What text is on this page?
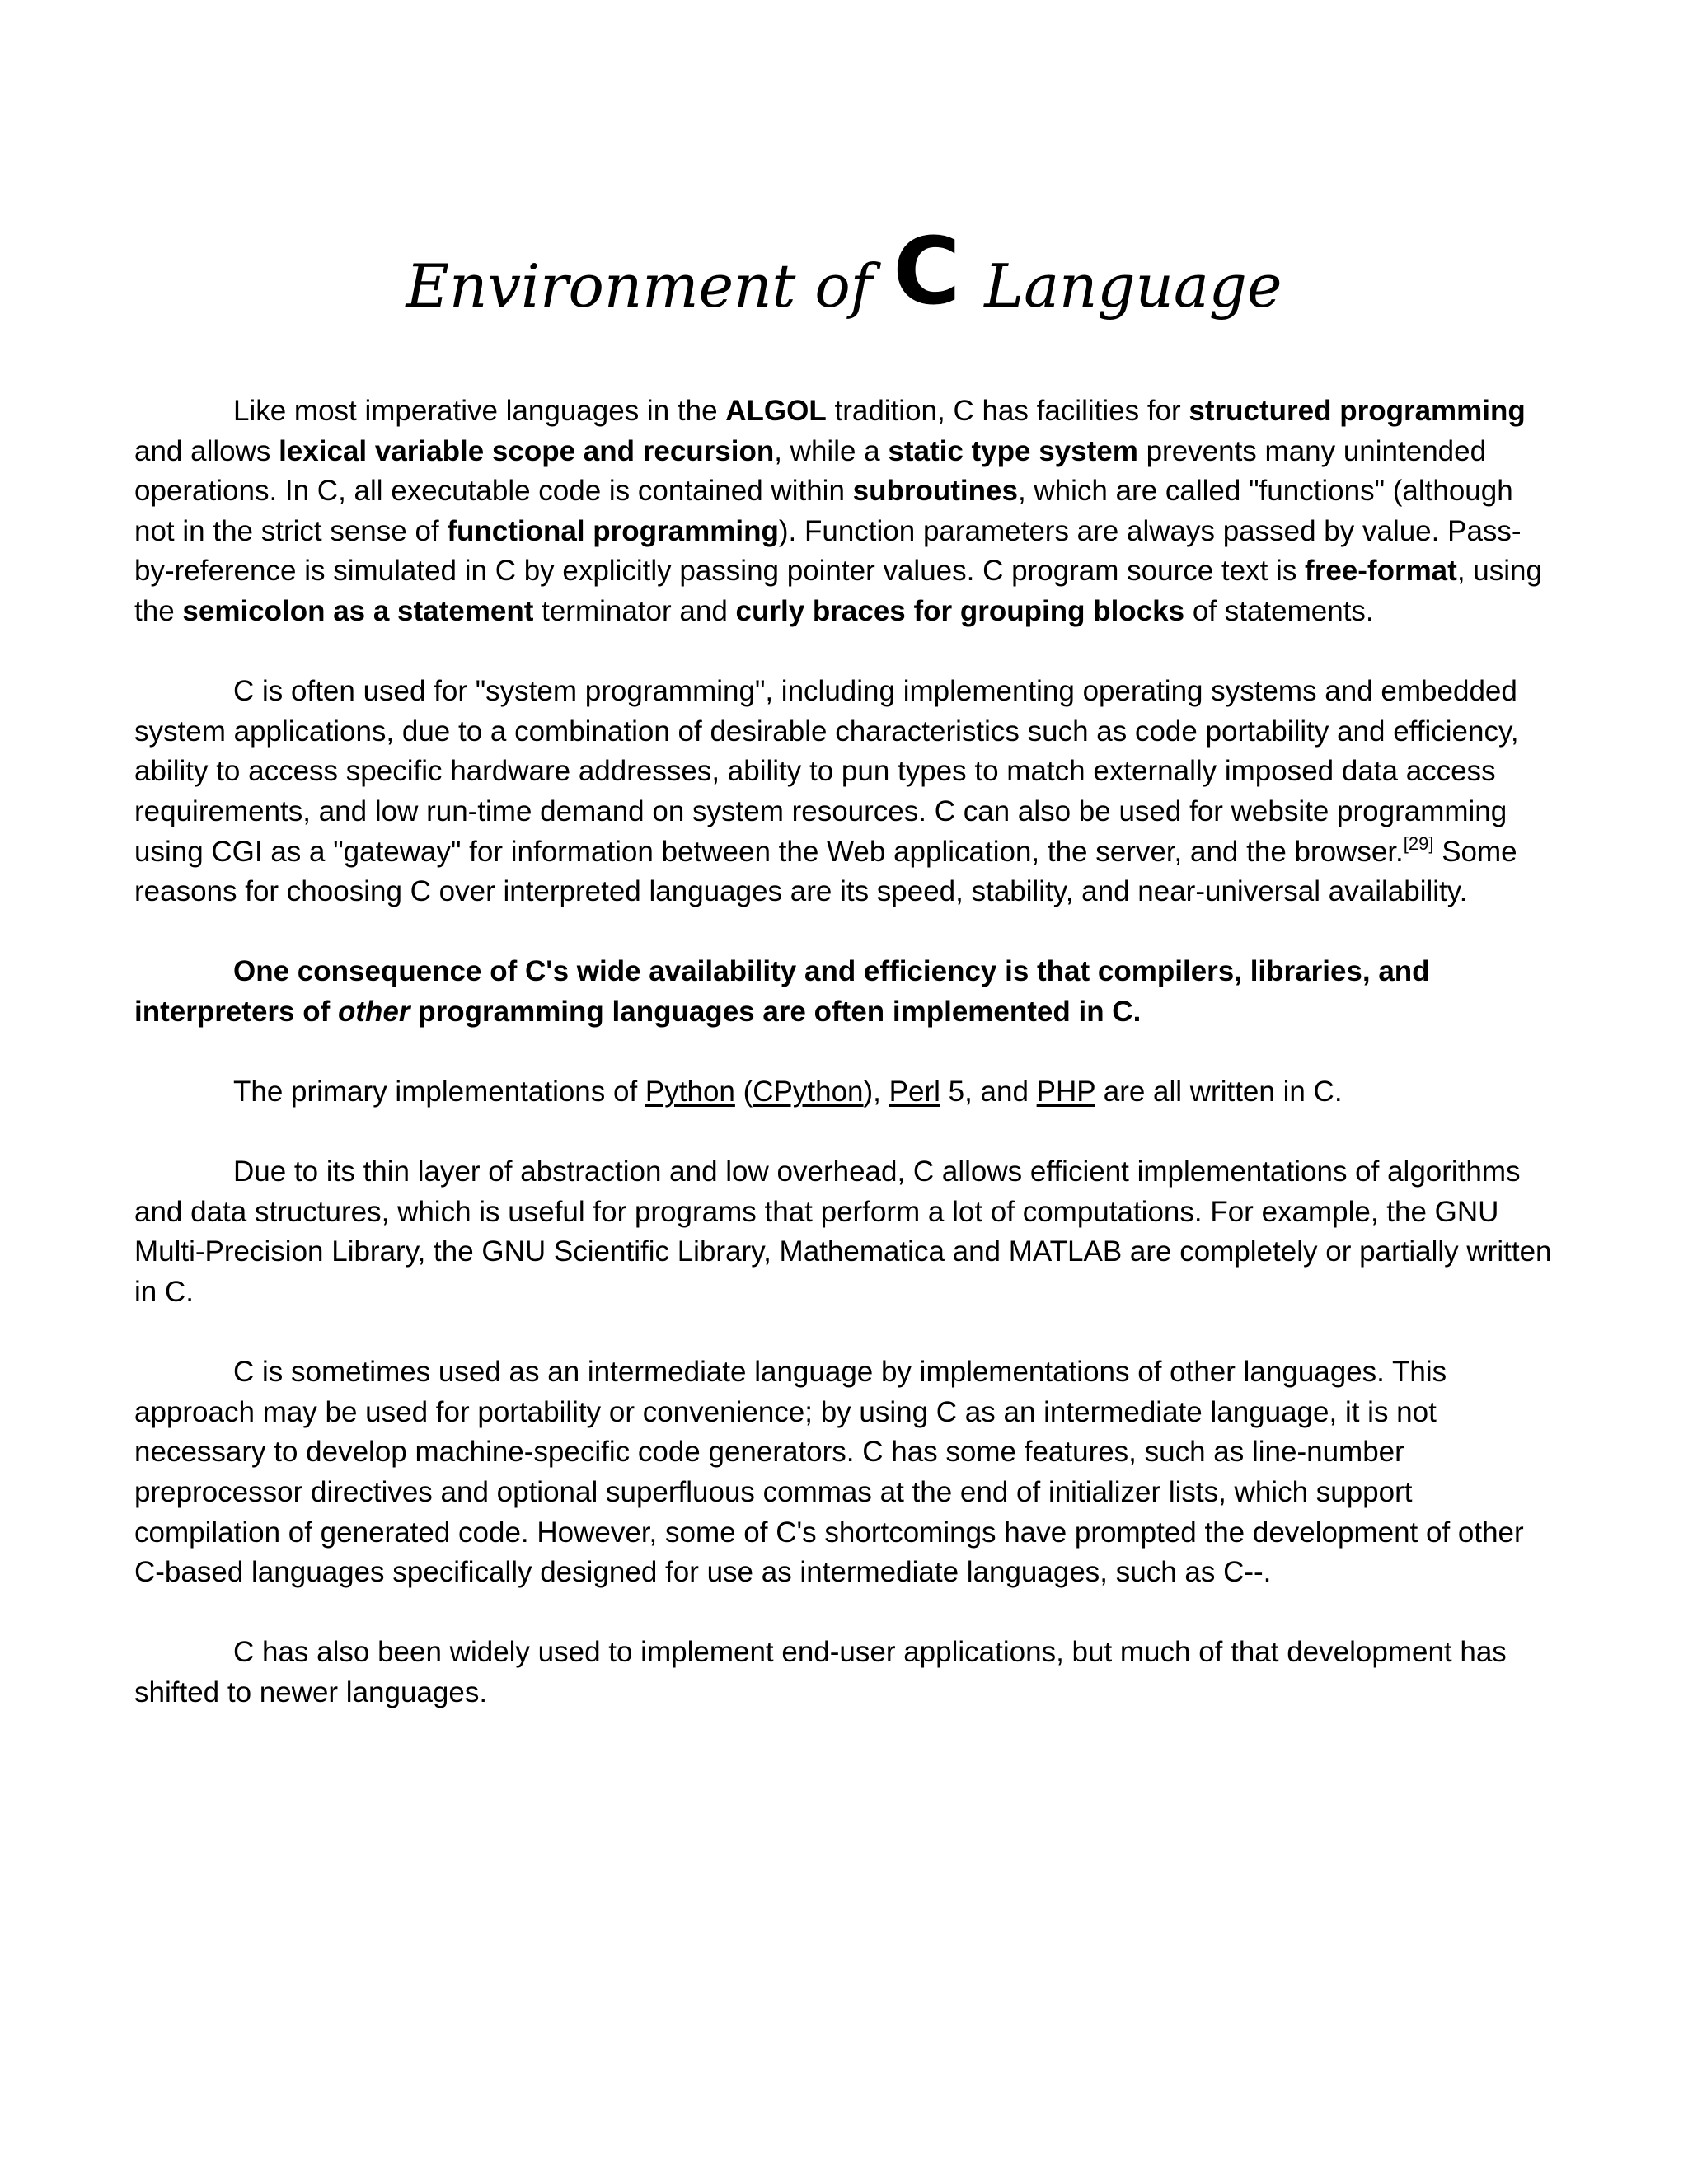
Environment of C Language

Like most imperative languages in the ALGOL tradition, C has facilities for structured programming and allows lexical variable scope and recursion, while a static type system prevents many unintended operations. In C, all executable code is contained within subroutines, which are called "functions" (although not in the strict sense of functional programming). Function parameters are always passed by value. Pass-by-reference is simulated in C by explicitly passing pointer values. C program source text is free-format, using the semicolon as a statement terminator and curly braces for grouping blocks of statements.

C is often used for "system programming", including implementing operating systems and embedded system applications, due to a combination of desirable characteristics such as code portability and efficiency, ability to access specific hardware addresses, ability to pun types to match externally imposed data access requirements, and low run-time demand on system resources. C can also be used for website programming using CGI as a "gateway" for information between the Web application, the server, and the browser.[29] Some reasons for choosing C over interpreted languages are its speed, stability, and near-universal availability.

One consequence of C's wide availability and efficiency is that compilers, libraries, and interpreters of other programming languages are often implemented in C.

The primary implementations of Python (CPython), Perl 5, and PHP are all written in C.

Due to its thin layer of abstraction and low overhead, C allows efficient implementations of algorithms and data structures, which is useful for programs that perform a lot of computations. For example, the GNU Multi-Precision Library, the GNU Scientific Library, Mathematica and MATLAB are completely or partially written in C.

C is sometimes used as an intermediate language by implementations of other languages. This approach may be used for portability or convenience; by using C as an intermediate language, it is not necessary to develop machine-specific code generators. C has some features, such as line-number preprocessor directives and optional superfluous commas at the end of initializer lists, which support compilation of generated code. However, some of C's shortcomings have prompted the development of other C-based languages specifically designed for use as intermediate languages, such as C--.

C has also been widely used to implement end-user applications, but much of that development has shifted to newer languages.
